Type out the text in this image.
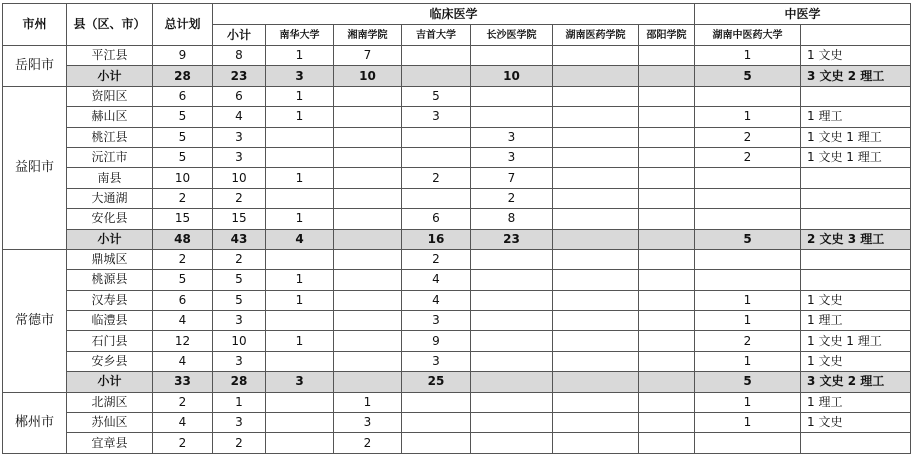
市州	县（区、市）	总计划	临床医学							中医学	
			小计	南华大学	湘南学院	吉首大学	长沙医学院	湖南医药学院	邵阳学院	湖南中医药大学	
岳阳市	平江县	9	8	1	7					1	1 文史
	小计	28	23	3	10		10			5	3 文史 2 理工
益阳市	资阳区	6	6	1		5					
	赫山区	5	4	1		3				1	1 理工
	桃江县	5	3				3			2	1 文史 1 理工
	沅江市	5	3				3			2	1 文史 1 理工
	南县	10	10	1		2	7				
	大通湖	2	2				2				
	安化县	15	15	1		6	8				
	小计	48	43	4		16	23			5	2 文史 3 理工
常德市	鼎城区	2	2			2					
	桃源县	5	5	1		4					
	汉寿县	6	5	1		4				1	1 文史
	临澧县	4	3			3				1	1 理工
	石门县	12	10	1		9				2	1 文史 1 理工
	安乡县	4	3			3				1	1 文史
	小计	33	28	3		25				5	3 文史 2 理工
郴州市	北湖区	2	1		1					1	1 理工
	苏仙区	4	3		3					1	1 文史
	宜章县	2	2		2						
